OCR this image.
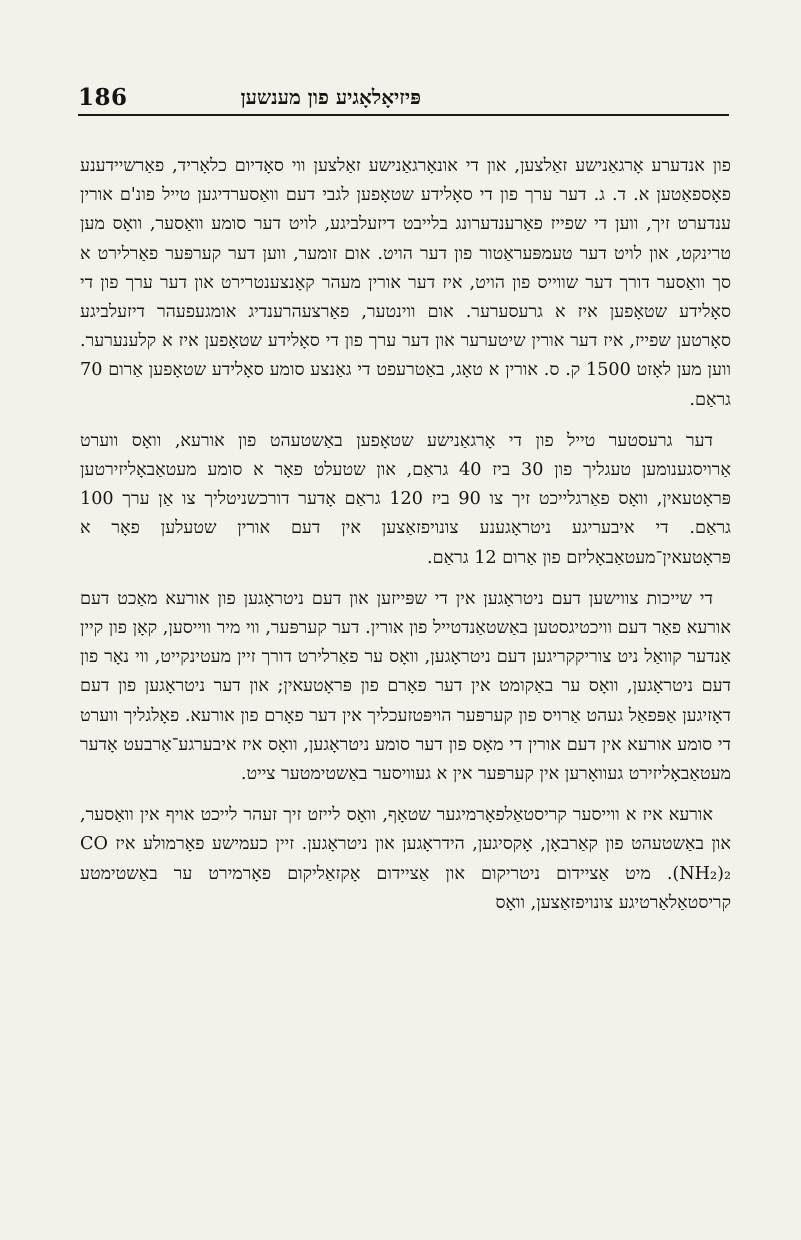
186	פּיזיאָלאָגיע פון מענשען

פון אנדערע אָרגאַנישע זאַלצען, און די אונאָרגאַנישע זאַלצען ווי סאָדיום כלאָריד, פאַרשיידענע פאָספאַטען א. ד. ג. דער ערך פון די סאָלידע שטאָפען לגבי דעם וואַסערדיגען טייל פונ'ם אורין ענדערט זיך, ווען די שפייז פאַרענדערונג בלייבט דיזעלביגע, לויט דער סומע וואַסער, וואָס מען טרינקט, און לויט דער טעמפּעראַטור פון דער הויט. אום זומער, ווען דער קערפּער פאַרלירט א סך וואַסער דורך דער שווייס פון הויט, איז דער אורין מעהר קאָנצענטרירט און דער ערך פון די סאָלידע שטאָפען איז א גרעסערער. אום ווינטער, פאַרצעהרענדיג אומגעפעהר דיזעלביגע סאָרטען שפייז, איז דער אורין שיטערער און דער ערך פון די סאָלידע שטאָפען איז א קלענערער. ווען מען לאָזט 1500 ק. ס. אורין א טאָג, באַטרעפט די גאַנצע סומע סאָלידע שטאָפען אַרום 70 גראַם.

דער גרעסטער טייל פון די אָרגאַנישע שטאָפען באַשטעהט פון אורעא, וואָס ווערט אַרויסגענומען טעגליך פון 30 ביז 40 גראַם, און שטעלט פאָר א סומע מעטאַבאָליזירטען פּראָטעאין, וואָס פאַרגלייכט זיך צו 90 ביז 120 גראַם אָדער דורכשניטליך צו אַן ערך 100 גראַם. די איבעריגע ניטראָגענע צונויפזאַצען אין דעם אורין שטעלען פאָר א פּראָטעאין־מעטאַבאָליזם פון אַרום 12 גראַם.

די שייכות צווישען דעם ניטראָגען אין די שפּייזען און דעם ניטראָגען פון אורעא מאַכט דעם אורעא פאַר דעם וויכטיגסטען באַשטאַנדטייל פון אורין. דער קערפּער, ווי מיר ווייסען, קאָן פון קיין אַנדער קוואַל ניט צוריקקריגען דעם ניטראָגען, וואָס ער פאַרלירט דורך זיין מעטינקייט, ווי נאָר פון דעם ניטראָגען, וואָס ער באַקומט אין דער פאָרם פון פּראָטעאין; און דער ניטראָגען פון דעם דאָזיגען אַפּפאַל געהט אַרויס פון קערפּער הויפּטזעכליך אין דער פאָרם פון אורעא. פאָלגליך ווערט די סומע אורעא אין דעם אורין די מאָס פון דער סומע ניטראָגען, וואָס איז איבערגע־אַרבעט אָדער מעטאַבאָליזירט געוואָרען אין קערפּער אין א געוויסער באַשטימטער צייט.

אורעא איז א ווייסער קריסטאַלפאָרמיגער שטאָף, וואָס לייזט זיך זעהר לייכט אויף אין וואַסער, און באַשטעהט פון קאַרבאָן, אָקסיגען, הידראָגען און ניטראָגען. זיין כעמישע פאָרמולע איז CO (NH₂)₂. מיט אַציידום ניטריקום און אַציידום אָקזאַליקום פאָרמירט ער באַשטימטע קריסטאַלאַרטיגע צונויפזאַצען, וואָס
